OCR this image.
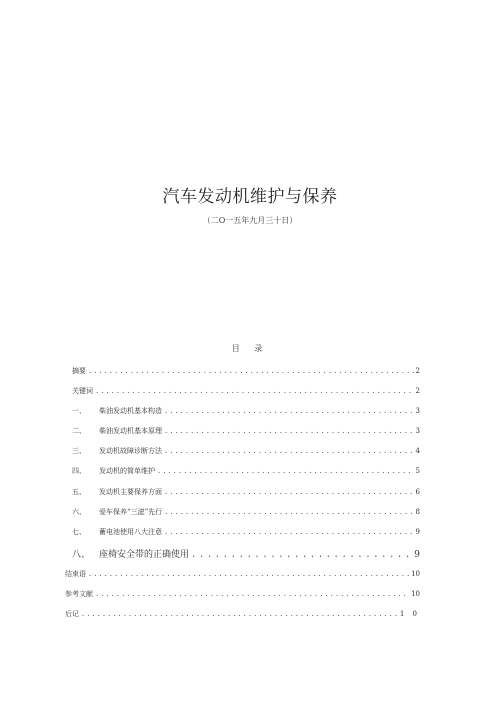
汽车发动机维护与保养
（二O一五年九月三十日）
目 录
摘要 .....	2
关键词 .....	2
一、	柴油发动机基本构造 .....	3
二、	柴油发动机基本原理 .....	3
三、	发动机故障诊断方法 .....	4
四、	发动机的简单维护 .....	5
五、	发动机主要保养方面 .....	6
六、	爱车保养“三滤”先行 .....	8
七、	蓄电池使用八大注意 .....	9
八、 座椅安全带的正确使用 .....	9
结束语 .....	10
参考文献 .....	10
后记 .....	1 0
